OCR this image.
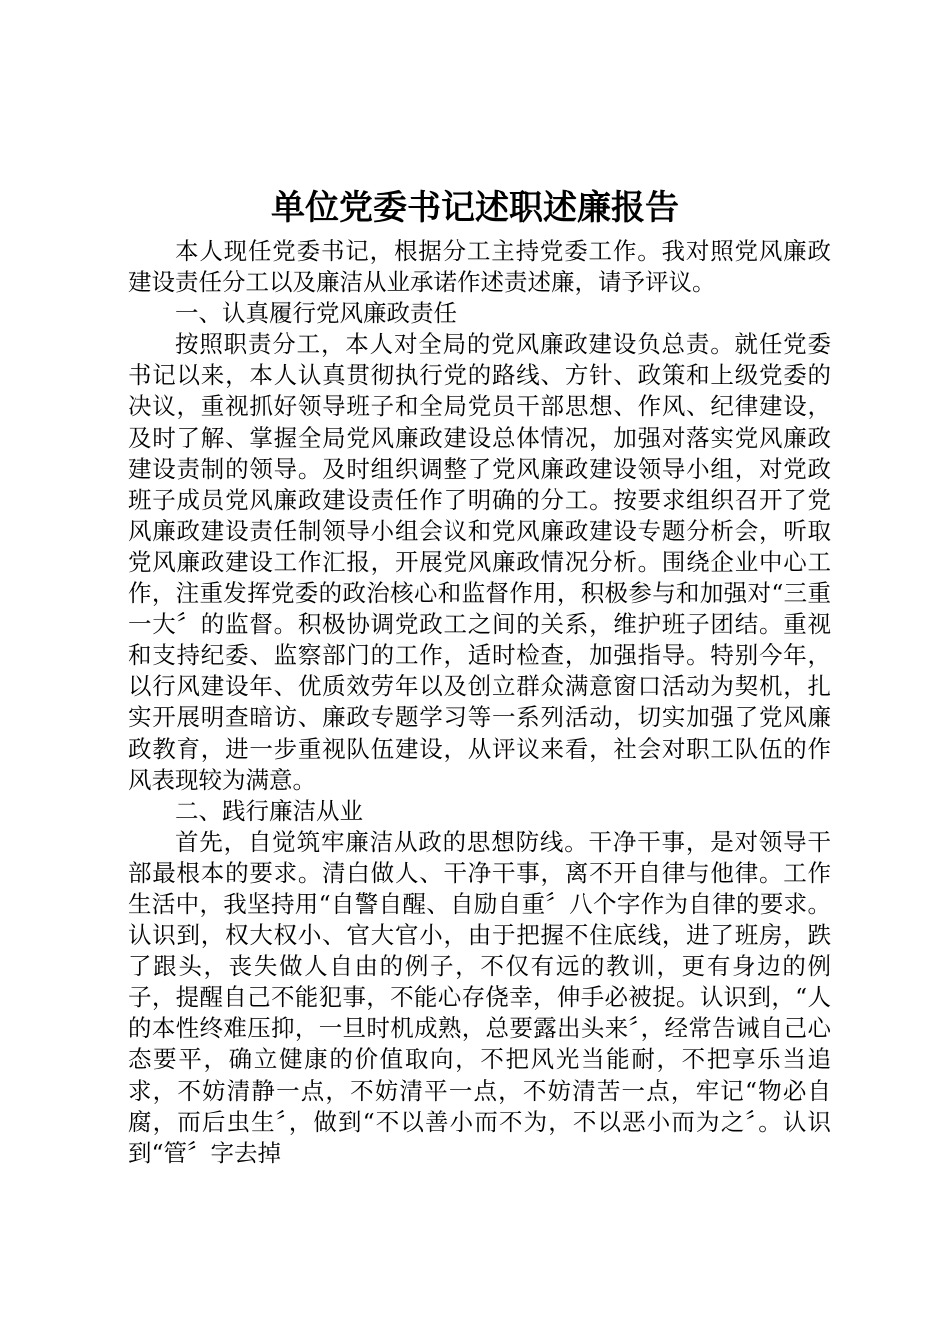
单位党委书记述职述廉报告

本人现任党委书记，根据分工主持党委工作。我对照党风廉政建设责任分工以及廉洁从业承诺作述责述廉，请予评议。

一、认真履行党风廉政责任

按照职责分工，本人对全局的党风廉政建设负总责。就任党委书记以来，本人认真贯彻执行党的路线、方针、政策和上级党委的决议，重视抓好领导班子和全局党员干部思想、作风、纪律建设，及时了解、掌握全局党风廉政建设总体情况，加强对落实党风廉政建设责制的领导。及时组织调整了党风廉政建设领导小组，对党政班子成员党风廉政建设责任作了明确的分工。按要求组织召开了党风廉政建设责任制领导小组会议和党风廉政建设专题分析会，听取党风廉政建设工作汇报，开展党风廉政情况分析。围绕企业中心工作，注重发挥党委的政治核心和监督作用，积极参与和加强对“三重一大〞的监督。积极协调党政工之间的关系，维护班子团结。重视和支持纪委、监察部门的工作，适时检查，加强指导。特别今年，以行风建设年、优质效劳年以及创立群众满意窗口活动为契机，扎实开展明查暗访、廉政专题学习等一系列活动，切实加强了党风廉政教育，进一步重视队伍建设，从评议来看，社会对职工队伍的作风表现较为满意。

二、践行廉洁从业

首先，自觉筑牢廉洁从政的思想防线。干净干事，是对领导干部最根本的要求。清白做人、干净干事，离不开自律与他律。工作生活中，我坚持用“自警自醒、自励自重〞八个字作为自律的要求。认识到，权大权小、官大官小，由于把握不住底线，进了班房，跌了跟头，丧失做人自由的例子，不仅有远的教训，更有身边的例子，提醒自己不能犯事，不能心存侥幸，伸手必被捉。认识到，“人的本性终难压抑，一旦时机成熟，总要露出头来〞，经常告诫自己心态要平，确立健康的价值取向，不把风光当能耐，不把享乐当追求，不妨清静一点，不妨清平一点，不妨清苦一点，牢记“物必自腐，而后虫生〞，做到“不以善小而不为，不以恶小而为之〞。认识到“管〞字去掉
